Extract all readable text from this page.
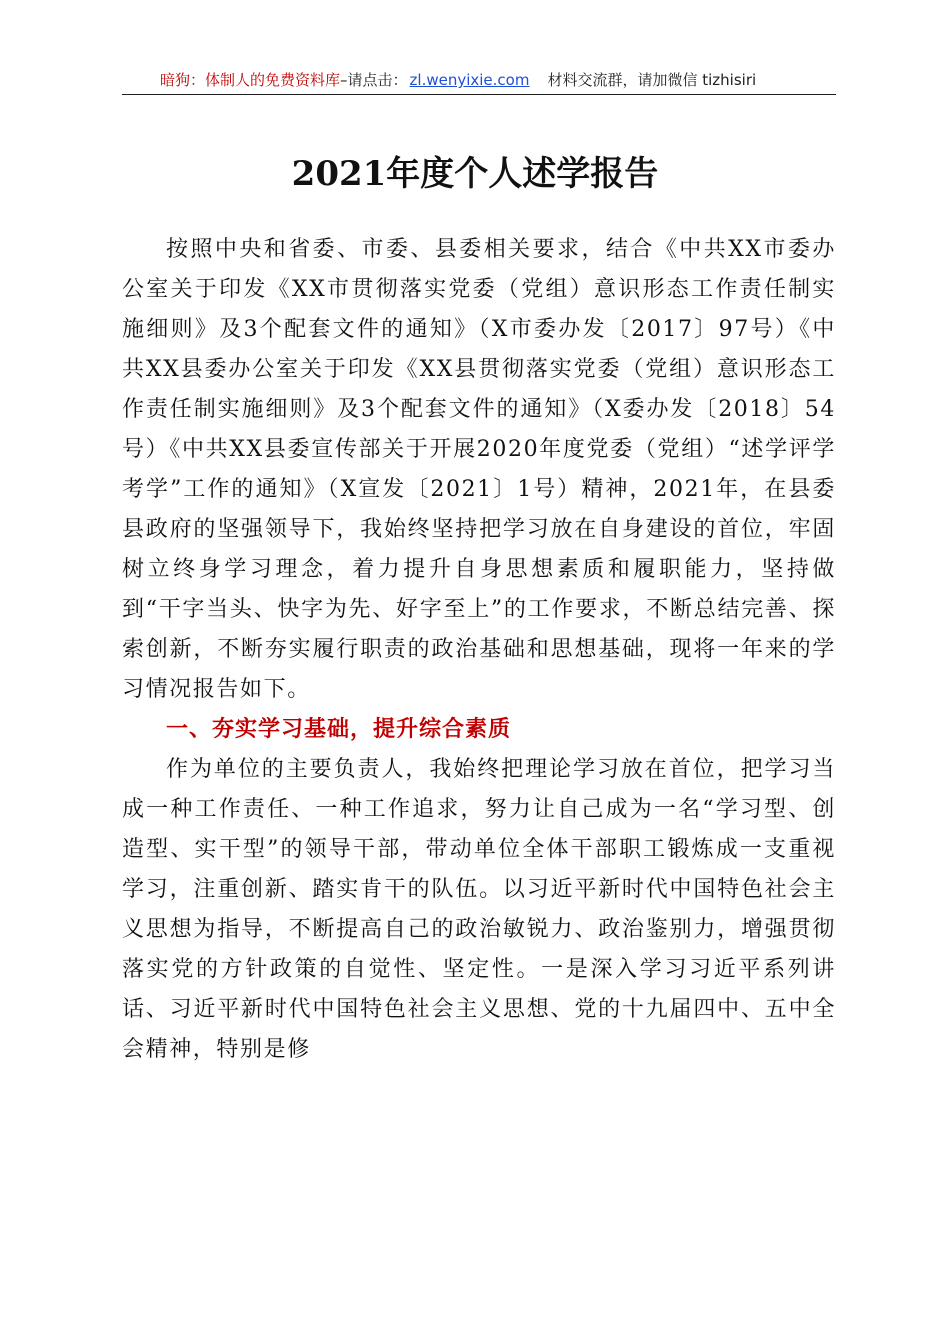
暗狗：体制人的免费资料库–请点击： zl.wenyixie.com 材料交流群，请加微信 tizhisiri
2021年度个人述学报告

按照中央和省委、市委、县委相关要求，结合《中共XX市委办公室关于印发《XX市贯彻落实党委（党组）意识形态工作责任制实施细则》及3个配套文件的通知》（X市委办发〔2017〕97号）《中共XX县委办公室关于印发《XX县贯彻落实党委（党组）意识形态工作责任制实施细则》及3个配套文件的通知》（X委办发〔2018〕54号）《中共XX县委宣传部关于开展2020年度党委（党组）“述学评学考学”工作的通知》（X宣发〔2021〕1号）精神，2021年，在县委县政府的坚强领导下，我始终坚持把学习放在自身建设的首位，牢固树立终身学习理念，着力提升自身思想素质和履职能力，坚持做到“干字当头、快字为先、好字至上”的工作要求，不断总结完善、探索创新，不断夯实履行职责的政治基础和思想基础，现将一年来的学习情况报告如下。

一、夯实学习基础，提升综合素质

作为单位的主要负责人，我始终把理论学习放在首位，把学习当成一种工作责任、一种工作追求，努力让自己成为一名“学习型、创造型、实干型”的领导干部，带动单位全体干部职工锻炼成一支重视学习，注重创新、踏实肯干的队伍。以习近平新时代中国特色社会主义思想为指导，不断提高自己的政治敏锐力、政治鉴别力，增强贯彻落实党的方针政策的自觉性、坚定性。一是深入学习习近平系列讲话、习近平新时代中国特色社会主义思想、党的十九届四中、五中全会精神，特别是修
